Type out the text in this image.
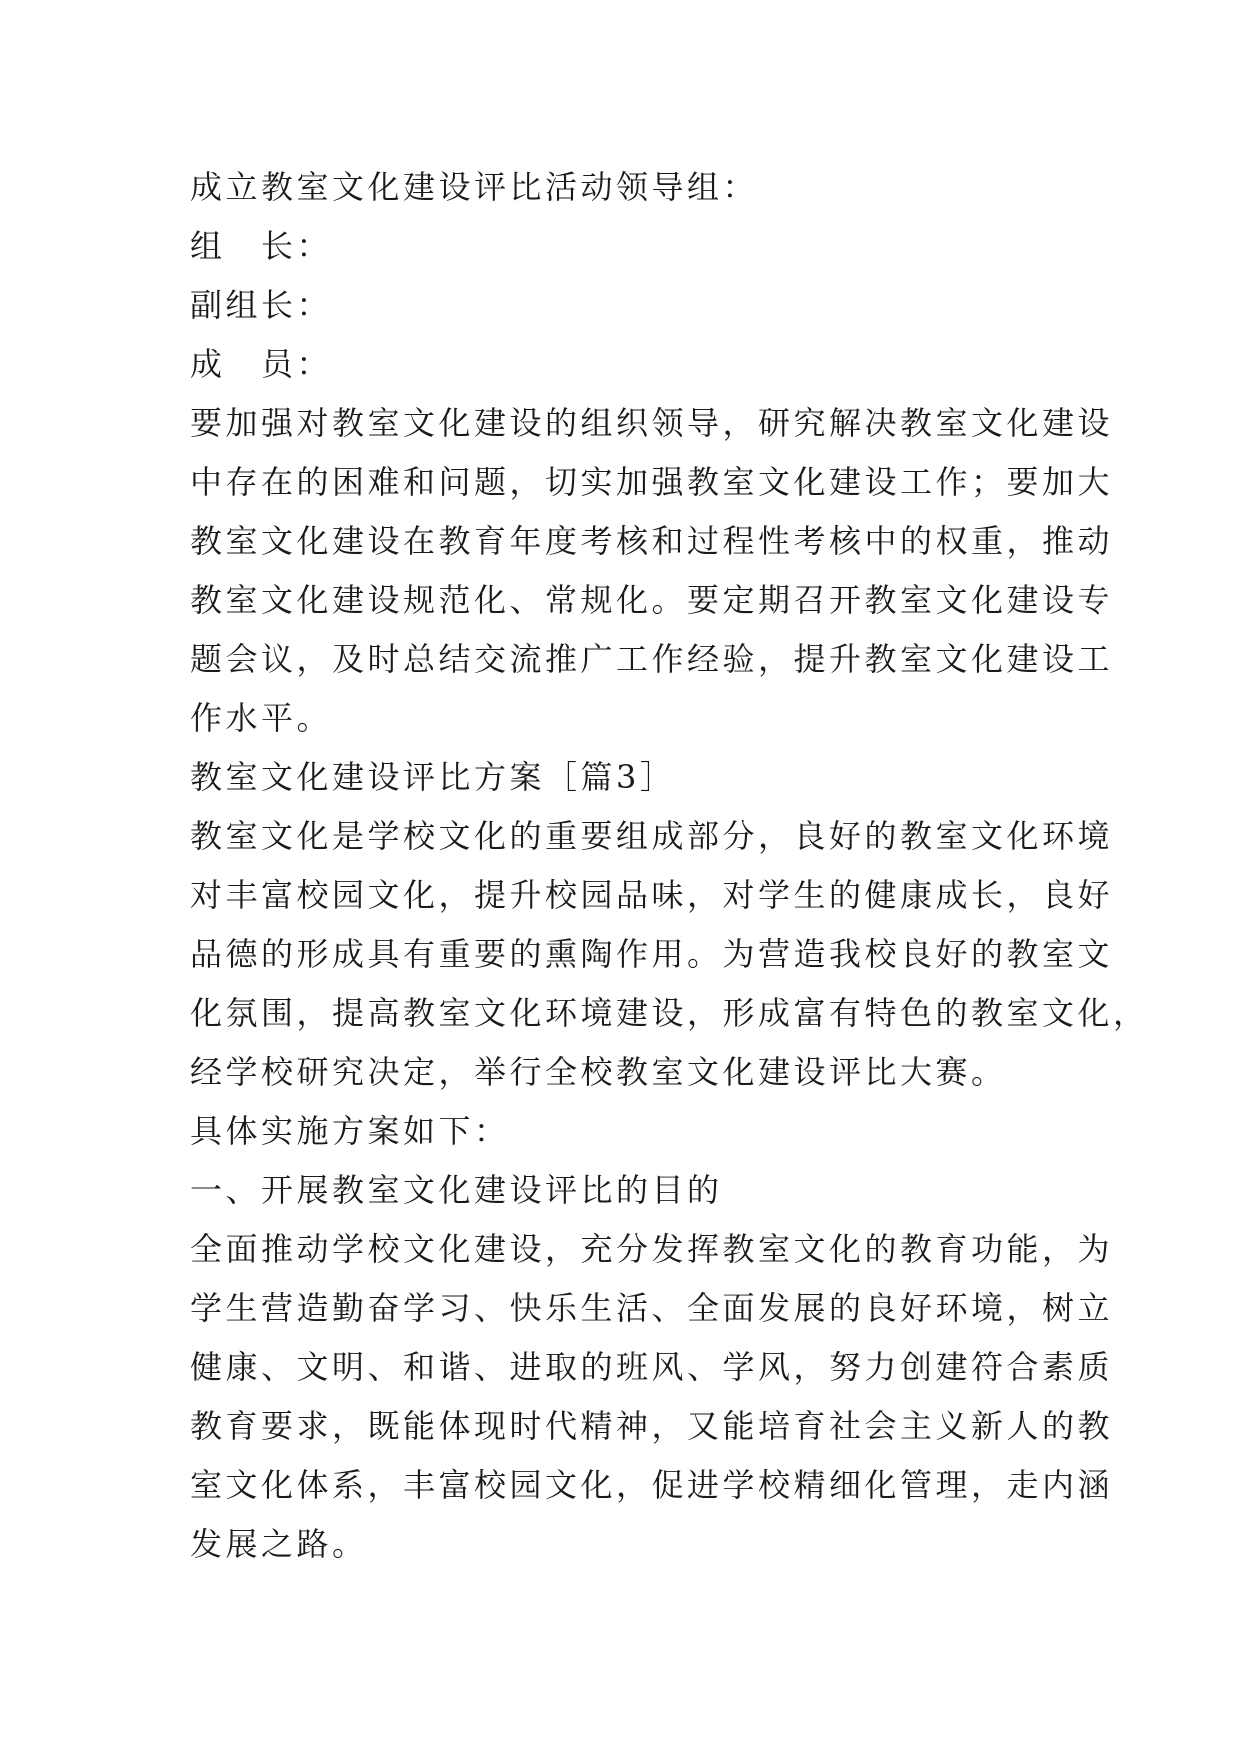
成立教室文化建设评比活动领导组：

组　长：

副组长：

成　员：

要加强对教室文化建设的组织领导，研究解决教室文化建设

中存在的困难和问题，切实加强教室文化建设工作；要加大

教室文化建设在教育年度考核和过程性考核中的权重，推动

教室文化建设规范化、常规化。要定期召开教室文化建设专

题会议，及时总结交流推广工作经验，提升教室文化建设工

作水平。

教室文化建设评比方案［篇3］

教室文化是学校文化的重要组成部分，良好的教室文化环境

对丰富校园文化，提升校园品味，对学生的健康成长，良好

品德的形成具有重要的熏陶作用。为营造我校良好的教室文

化氛围，提高教室文化环境建设，形成富有特色的教室文化，

经学校研究决定，举行全校教室文化建设评比大赛。

具体实施方案如下：

一、开展教室文化建设评比的目的

全面推动学校文化建设，充分发挥教室文化的教育功能，为

学生营造勤奋学习、快乐生活、全面发展的良好环境，树立

健康、文明、和谐、进取的班风、学风，努力创建符合素质

教育要求，既能体现时代精神，又能培育社会主义新人的教

室文化体系，丰富校园文化，促进学校精细化管理，走内涵

发展之路。
